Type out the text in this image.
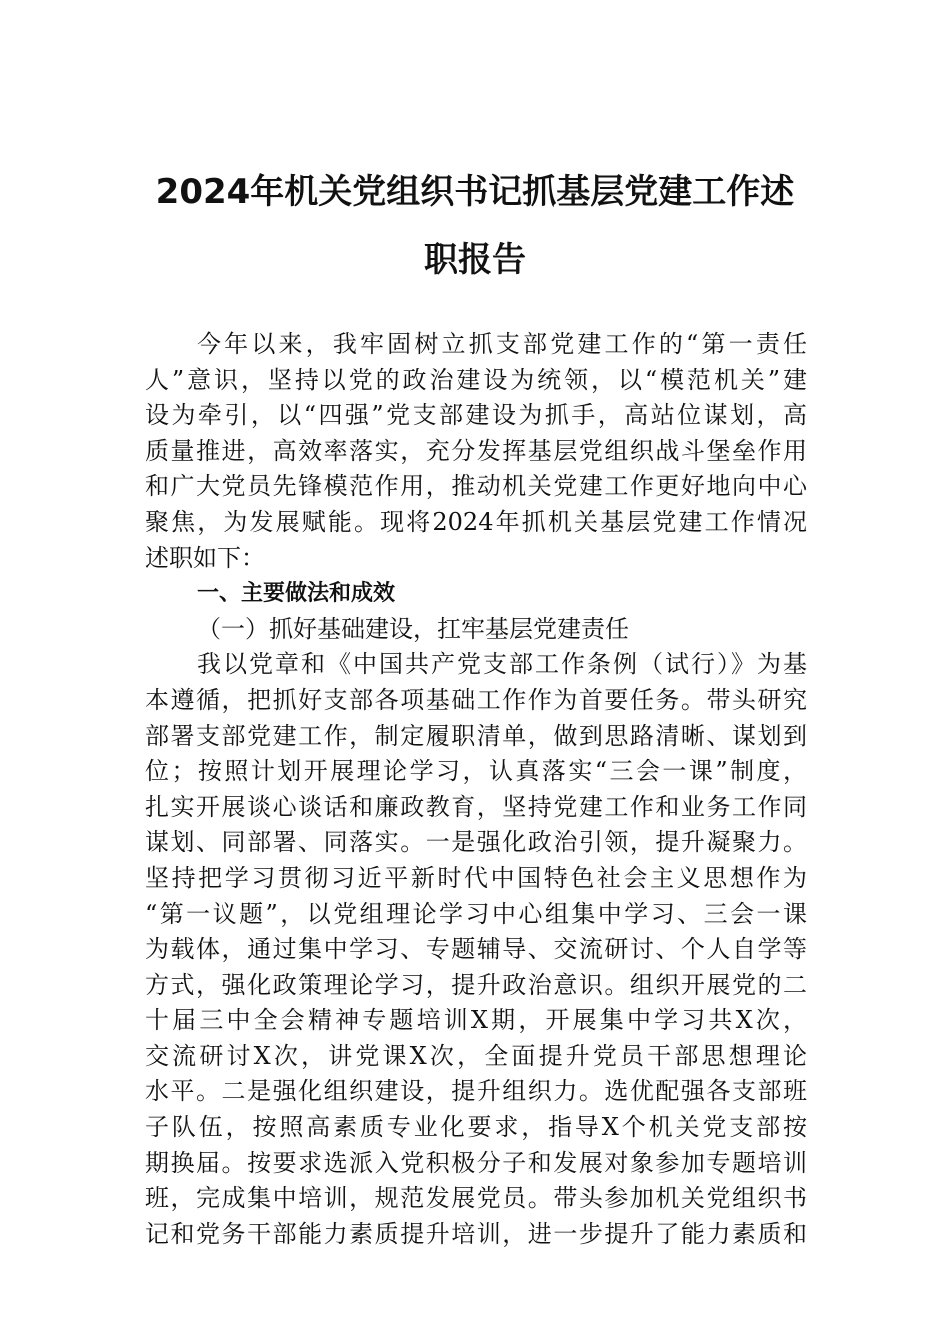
2024年机关党组织书记抓基层党建工作述
职报告
今年以来，我牢固树立抓支部党建工作的“第一责任
人”意识，坚持以党的政治建设为统领，以“模范机关”建
设为牵引，以“四强”党支部建设为抓手，高站位谋划，高
质量推进，高效率落实，充分发挥基层党组织战斗堡垒作用
和广大党员先锋模范作用，推动机关党建工作更好地向中心
聚焦，为发展赋能。现将2024年抓机关基层党建工作情况
述职如下：
一、主要做法和成效
（一）抓好基础建设，扛牢基层党建责任
我以党章和《中国共产党支部工作条例（试行）》为基
本遵循，把抓好支部各项基础工作作为首要任务。带头研究
部署支部党建工作，制定履职清单，做到思路清晰、谋划到
位；按照计划开展理论学习，认真落实“三会一课”制度，
扎实开展谈心谈话和廉政教育，坚持党建工作和业务工作同
谋划、同部署、同落实。一是强化政治引领，提升凝聚力。
坚持把学习贯彻习近平新时代中国特色社会主义思想作为
“第一议题”，以党组理论学习中心组集中学习、三会一课
为载体，通过集中学习、专题辅导、交流研讨、个人自学等
方式，强化政策理论学习，提升政治意识。组织开展党的二
十届三中全会精神专题培训X期，开展集中学习共X次，
交流研讨X次，讲党课X次，全面提升党员干部思想理论
水平。二是强化组织建设，提升组织力。选优配强各支部班
子队伍，按照高素质专业化要求，指导X个机关党支部按
期换届。按要求选派入党积极分子和发展对象参加专题培训
班，完成集中培训，规范发展党员。带头参加机关党组织书
记和党务干部能力素质提升培训，进一步提升了能力素质和
